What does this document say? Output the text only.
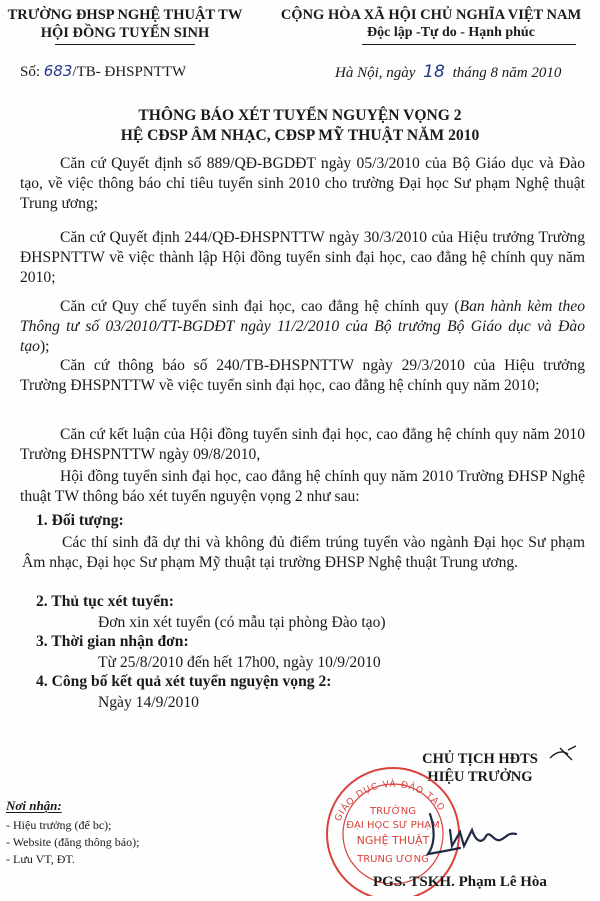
TRƯỜNG ĐHSP NGHỆ THUẬT TW
HỘI ĐỒNG TUYỂN SINH
CỘNG HÒA XÃ HỘI CHỦ NGHĨA VIỆT NAM
Độc lập -Tự do - Hạnh phúc
Số: 683/TB- ĐHSPNTTW	Hà Nội, ngày 18 tháng 8 năm 2010
THÔNG BÁO XÉT TUYỂN NGUYỆN VỌNG 2
HỆ CĐSP ÂM NHẠC, CĐSP MỸ THUẬT NĂM 2010
Căn cứ Quyết định số 889/QĐ-BGDĐT ngày 05/3/2010 của Bộ Giáo dục và Đào tạo, về việc thông báo chỉ tiêu tuyển sinh 2010 cho trường Đại học Sư phạm Nghệ thuật Trung ương;
Căn cứ Quyết định 244/QĐ-ĐHSPNTTW ngày 30/3/2010 của Hiệu trưởng Trường ĐHSPNTTW về việc thành lập Hội đồng tuyển sinh đại học, cao đẳng hệ chính quy năm 2010;
Căn cứ Quy chế tuyển sinh đại học, cao đẳng hệ chính quy (Ban hành kèm theo Thông tư số 03/2010/TT-BGDĐT ngày 11/2/2010 của Bộ trưởng Bộ Giáo dục và Đào tạo);
Căn cứ thông báo số 240/TB-ĐHSPNTTW ngày 29/3/2010 của Hiệu trưởng Trường ĐHSPNTTW về việc tuyển sinh đại học, cao đẳng hệ chính quy năm 2010;
Căn cứ kết luận của Hội đồng tuyển sinh đại học, cao đẳng hệ chính quy năm 2010 Trường ĐHSPNTTW ngày 09/8/2010,
Hội đồng tuyển sinh đại học, cao đẳng hệ chính quy năm 2010 Trường ĐHSP Nghệ thuật TW thông báo xét tuyển nguyện vọng 2 như sau:
1. Đối tượng:
Các thí sinh đã dự thi và không đủ điểm trúng tuyển vào ngành Đại học Sư phạm Âm nhạc, Đại học Sư phạm Mỹ thuật tại trường ĐHSP Nghệ thuật Trung ương.
2. Thủ tục xét tuyển:
Đơn xin xét tuyển (có mẫu tại phòng Đào tạo)
3. Thời gian nhận đơn:
Từ 25/8/2010 đến hết 17h00, ngày 10/9/2010
4. Công bố kết quả xét tuyển nguyện vọng 2:
Ngày 14/9/2010
CHỦ TỊCH HĐTS
HIỆU TRƯỞNG
GIÁO DỤC VÀ ĐÀO TẠO
TRƯỜNG
ĐẠI HỌC SƯ PHẠM
NGHỆ THUẬT
TRUNG ƯƠNG
PGS. TSKH. Phạm Lê Hòa
Nơi nhận:
- Hiệu trưởng (để bc);
- Website (đăng thông báo);
- Lưu VT, ĐT.
